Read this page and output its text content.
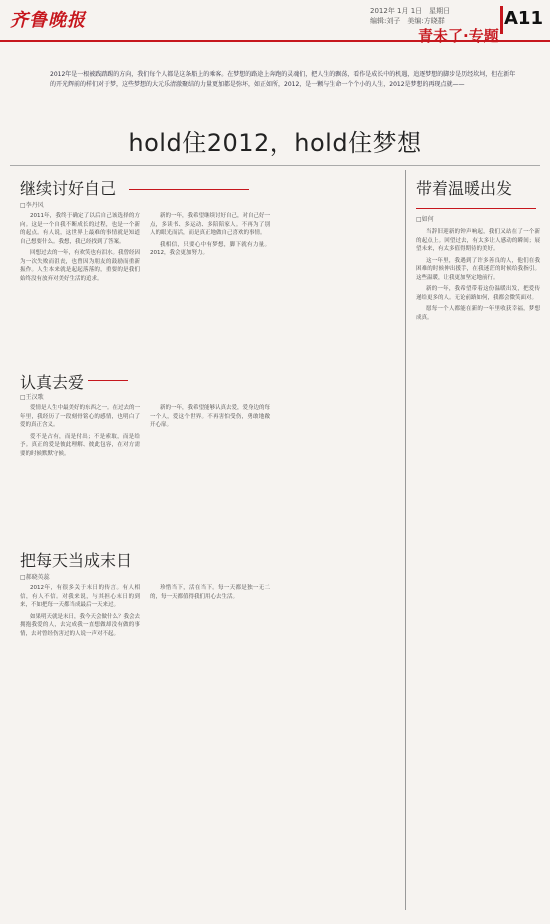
齐鲁晚报	2012年 1月 1日　星期日
编辑:刘子　美编:方晓群
青未了·专题
A11
2012年是一根被践踏踢的方向，我们每个人都是这条船上的乘客。在梦想的路途上奔跑的灵魂们，把人生的飘荡，看作是成长中的机遇，追逐梦想的脚步是历经坎坷，但在新年的开光辉前的样们对于梦，这些梦想的大元乐清澈聚结的力量更加都是弥坏，如正如所，2012，是一颗与生命一个个小的人生，2012是梦想的再现点就——
hold住2012，hold住梦想
继续讨好自己
□李丹风

2011年，我终于确定了以后自己该选择的方向。这是一个自我不断成长的过程，也是一个新的起点。有人说，这世界上最难的事情就是知道自己想要什么。我想，我已经找到了答案。

回想过去的一年，有欢笑也有泪水。我曾经因为一次失败而沮丧，也曾因为朋友的鼓励而重新振作。人生本来就是起起落落的，重要的是我们始终没有放弃对美好生活的追求。

新的一年，我希望继续讨好自己，对自己好一点，多读书、多运动、多陪陪家人。不再为了别人的眼光而活，而是真正地做自己喜欢的事情。

我相信，只要心中有梦想，脚下就有力量。2012，我会更加努力。

认真去爱
□王汉歌

爱情是人生中最美好的东西之一。在过去的一年里，我经历了一段刻骨铭心的感情，也明白了爱的真正含义。

爱不是占有，而是付出；不是索取，而是给予。真正的爱是彼此理解、彼此包容，在对方需要的时候默默守候。

新的一年，我希望能够认真去爱，爱身边的每一个人，爱这个世界。不再害怕受伤，勇敢地敞开心扉。

把每天当成末日
□郝晓英蕊

2012年，有很多关于末日的传言。有人相信，有人不信。对我来说，与其担心末日的到来，不如把每一天都当成最后一天来过。

如果明天就是末日，我今天会做什么？我会去拥抱我爱的人，去完成我一直想做却没有做的事情，去对曾经伤害过的人说一声对不起。

珍惜当下，活在当下。每一天都是独一无二的，每一天都值得我们用心去生活。

带着温暖出发
□如何

当辞旧迎新的钟声响起，我们又站在了一个新的起点上。回望过去，有太多让人感动的瞬间；展望未来，有太多值得期待的美好。

这一年里，我遇到了许多善良的人，他们在我困难的时候伸出援手，在我迷茫的时候给我指引。这些温暖，让我更加坚定地前行。

新的一年，我希望带着这份温暖出发，把爱传递给更多的人。无论前路如何，我都会微笑面对。

愿每一个人都能在新的一年里收获幸福，梦想成真。
